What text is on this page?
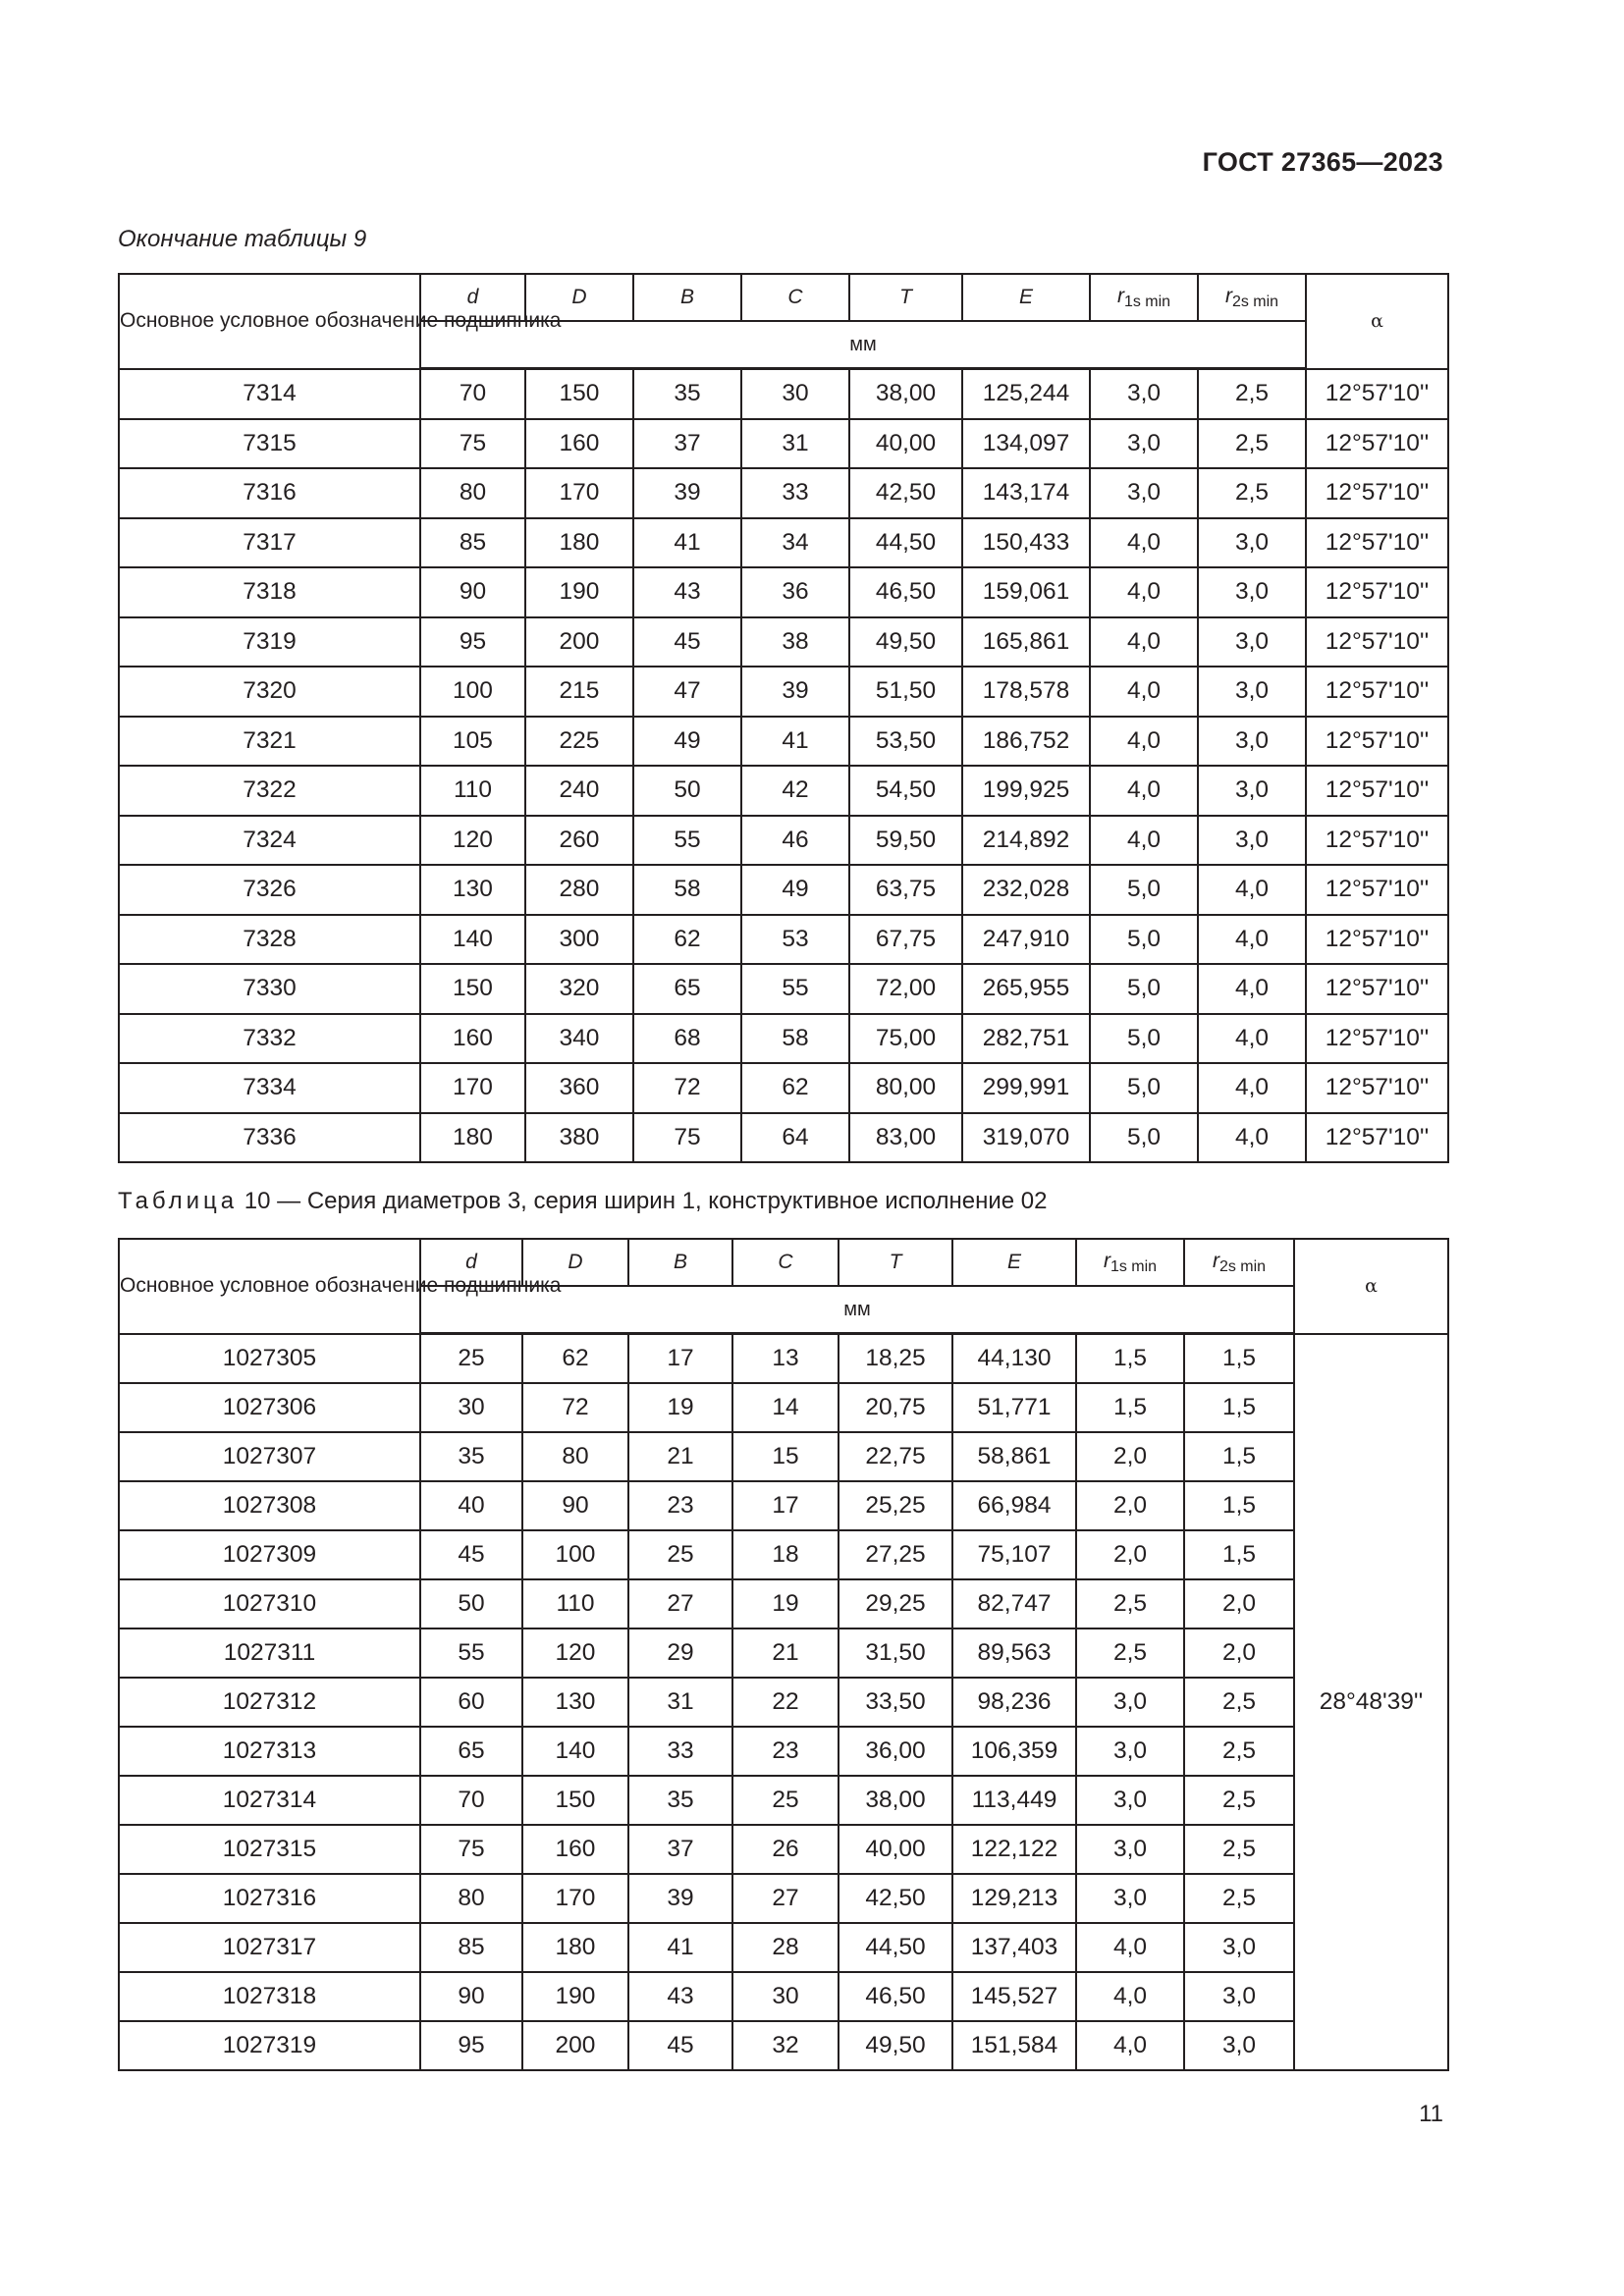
ГОСТ 27365—2023
Окончание таблицы 9
Основное условное обозначение подшипника	d	D	B	C	T	E	$r_{1s min}$	$r_{2s min}$	α
	мм								
7314	70	150	35	30	38,00	125,244	3,0	2,5	12°57'10''
7315	75	160	37	31	40,00	134,097	3,0	2,5	12°57'10''
7316	80	170	39	33	42,50	143,174	3,0	2,5	12°57'10''
7317	85	180	41	34	44,50	150,433	4,0	3,0	12°57'10''
7318	90	190	43	36	46,50	159,061	4,0	3,0	12°57'10''
7319	95	200	45	38	49,50	165,861	4,0	3,0	12°57'10''
7320	100	215	47	39	51,50	178,578	4,0	3,0	12°57'10''
7321	105	225	49	41	53,50	186,752	4,0	3,0	12°57'10''
7322	110	240	50	42	54,50	199,925	4,0	3,0	12°57'10''
7324	120	260	55	46	59,50	214,892	4,0	3,0	12°57'10''
7326	130	280	58	49	63,75	232,028	5,0	4,0	12°57'10''
7328	140	300	62	53	67,75	247,910	5,0	4,0	12°57'10''
7330	150	320	65	55	72,00	265,955	5,0	4,0	12°57'10''
7332	160	340	68	58	75,00	282,751	5,0	4,0	12°57'10''
7334	170	360	72	62	80,00	299,991	5,0	4,0	12°57'10''
7336	180	380	75	64	83,00	319,070	5,0	4,0	12°57'10''
Таблица 10 — Серия диаметров 3, серия ширин 1, конструктивное исполнение 02
Основное условное обозначение подшипника	d	D	B	C	T	E	$r_{1s min}$	$r_{2s min}$	α
	мм								
1027305	25	62	17	13	18,25	44,130	1,5	1,5	28°48'39''
1027306	30	72	19	14	20,75	51,771	1,5	1,5	
1027307	35	80	21	15	22,75	58,861	2,0	1,5	
1027308	40	90	23	17	25,25	66,984	2,0	1,5	
1027309	45	100	25	18	27,25	75,107	2,0	1,5	
1027310	50	110	27	19	29,25	82,747	2,5	2,0	
1027311	55	120	29	21	31,50	89,563	2,5	2,0	
1027312	60	130	31	22	33,50	98,236	3,0	2,5	
1027313	65	140	33	23	36,00	106,359	3,0	2,5	
1027314	70	150	35	25	38,00	113,449	3,0	2,5	
1027315	75	160	37	26	40,00	122,122	3,0	2,5	
1027316	80	170	39	27	42,50	129,213	3,0	2,5	
1027317	85	180	41	28	44,50	137,403	4,0	3,0	
1027318	90	190	43	30	46,50	145,527	4,0	3,0	
1027319	95	200	45	32	49,50	151,584	4,0	3,0	
11
